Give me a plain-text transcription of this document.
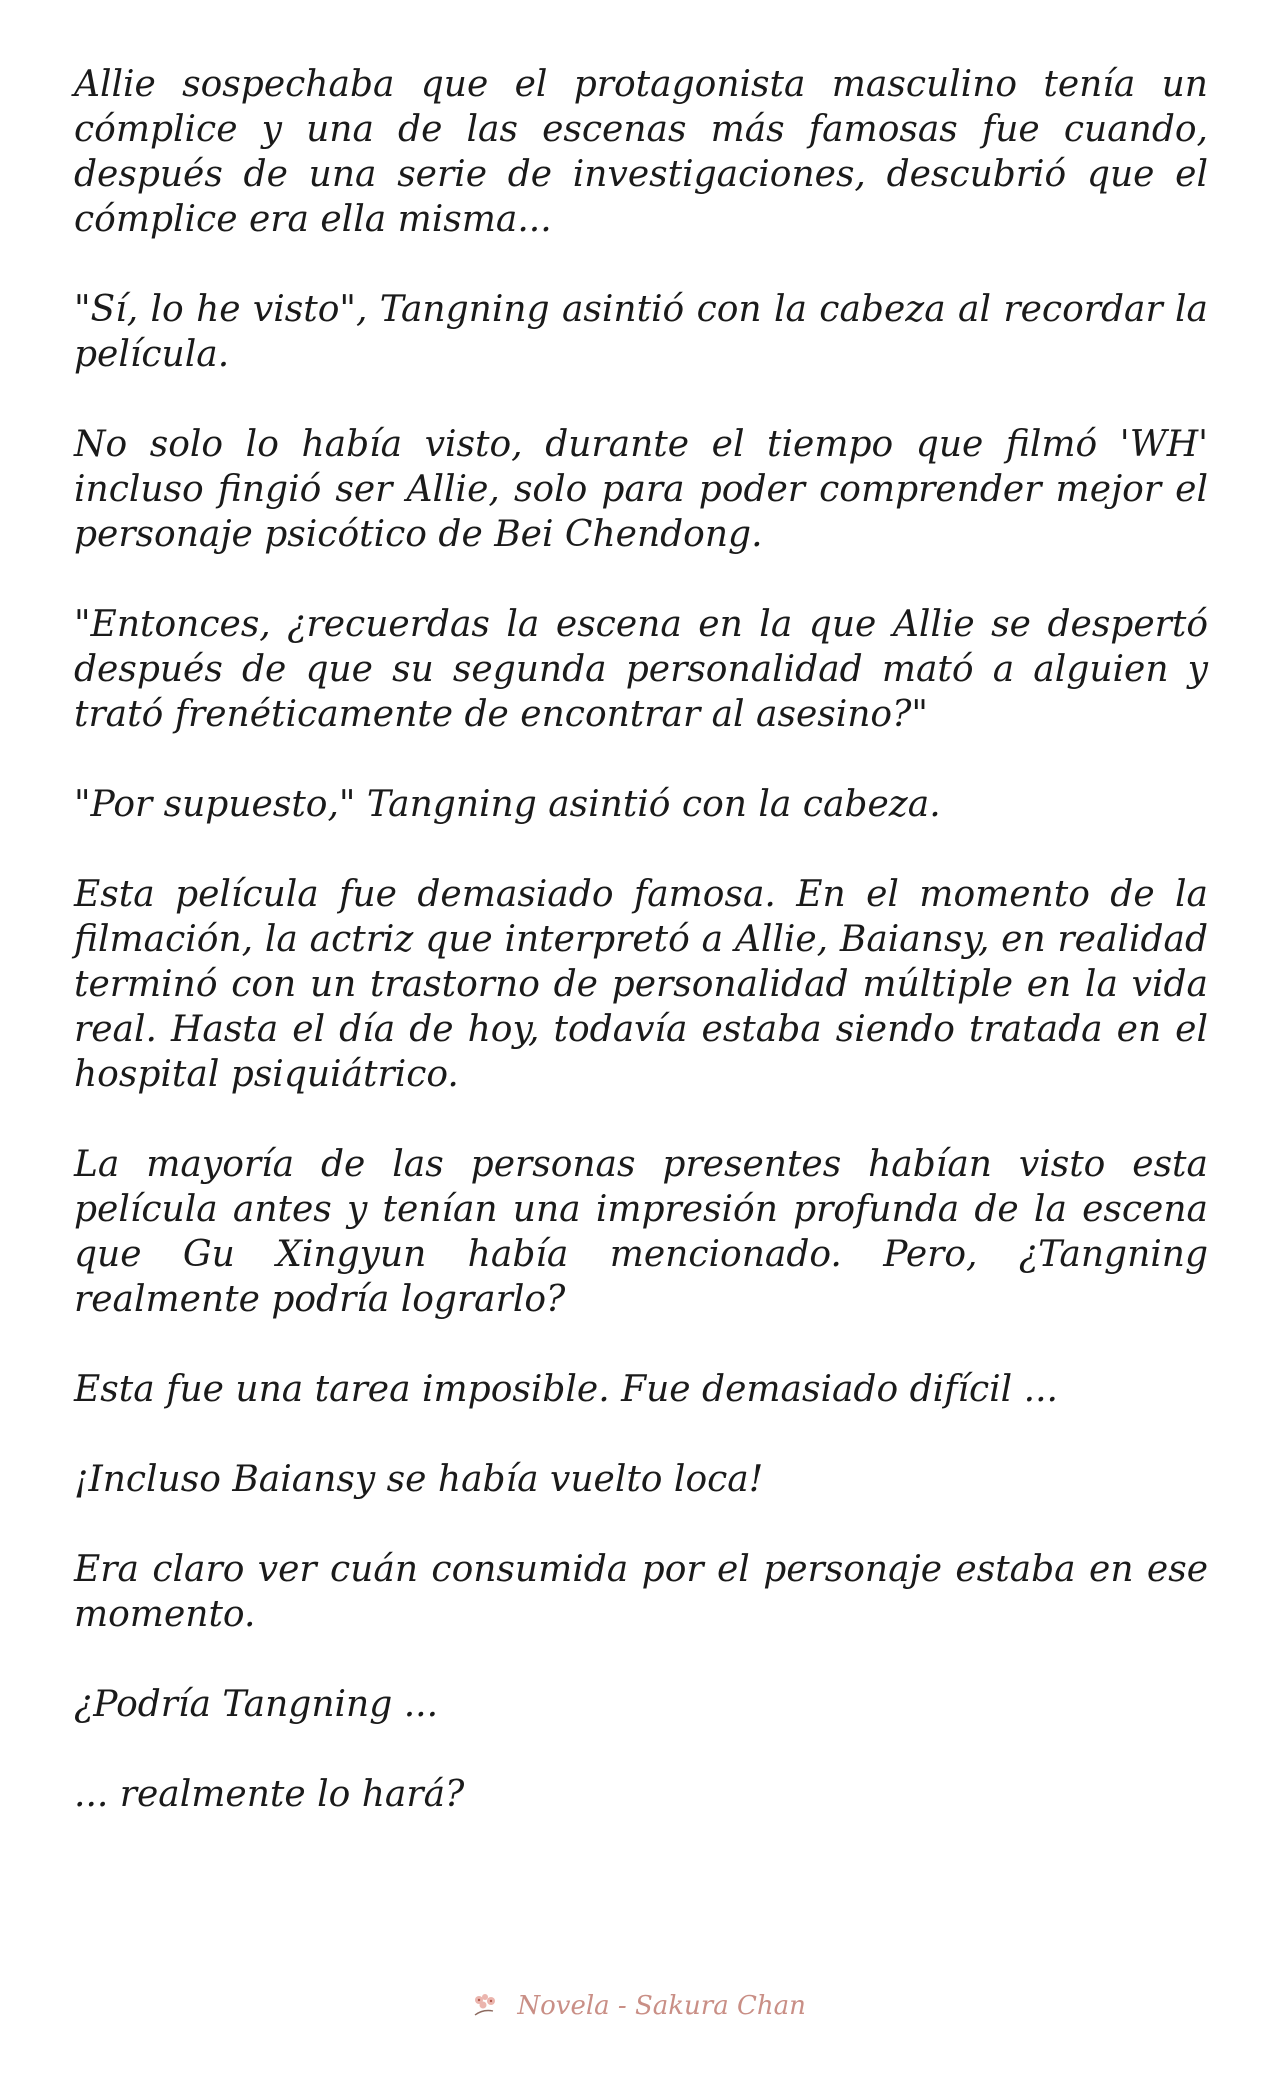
Allie sospechaba que el protagonista masculino tenía un cómplice y una de las escenas más famosas fue cuando, después de una serie de investigaciones, descubrió que el cómplice era ella misma...

"Sí, lo he visto", Tangning asintió con la cabeza al recordar la película.

No solo lo había visto, durante el tiempo que filmó 'WH' incluso fingió ser Allie, solo para poder comprender mejor el personaje psicótico de Bei Chendong.

"Entonces, ¿recuerdas la escena en la que Allie se despertó después de que su segunda personalidad mató a alguien y trató frenéticamente de encontrar al asesino?"

"Por supuesto," Tangning asintió con la cabeza.

Esta película fue demasiado famosa. En el momento de la filmación, la actriz que interpretó a Allie, Baiansy, en realidad terminó con un trastorno de personalidad múltiple en la vida real. Hasta el día de hoy, todavía estaba siendo tratada en el hospital psiquiátrico.

La mayoría de las personas presentes habían visto esta película antes y tenían una impresión profunda de la escena que Gu Xingyun había mencionado. Pero, ¿Tangning realmente podría lograrlo?

Esta fue una tarea imposible. Fue demasiado difícil ...

¡Incluso Baiansy se había vuelto loca!

Era claro ver cuán consumida por el personaje estaba en ese momento.

¿Podría Tangning ...

... realmente lo hará?

Novela - Sakura Chan
